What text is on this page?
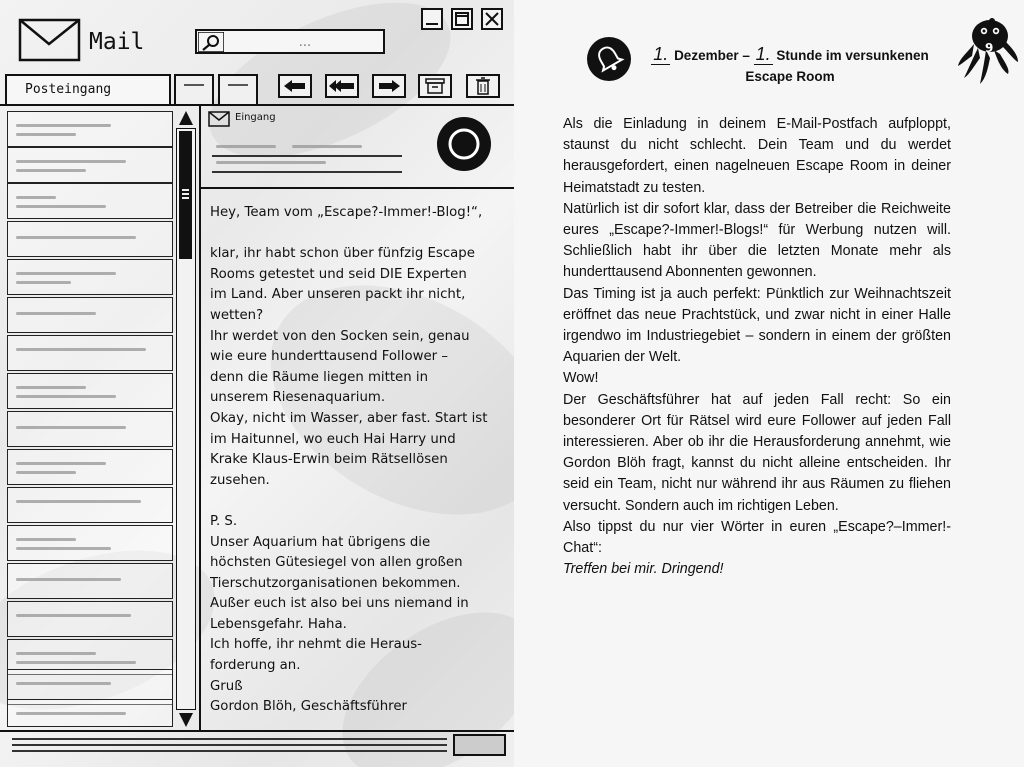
Mail
...
Posteingang
Eingang
Hey, Team vom „Escape?-Immer!-Blog!“,
klar, ihr habt schon über fünfzig Escape
Rooms getestet und seid DIE Experten
im Land. Aber unseren packt ihr nicht,
wetten?
Ihr werdet von den Socken sein, genau
wie eure hunderttausend Follower –
denn die Räume liegen mitten in
unserem Riesenaquarium.
Okay, nicht im Wasser, aber fast. Start ist
im Haitunnel, wo euch Hai Harry und
Krake Klaus-Erwin beim Rätsellösen
zusehen.
P. S.
Unser Aquarium hat übrigens die
höchsten Gütesiegel von allen großen
Tierschutzorganisationen bekommen.
Außer euch ist also bei uns niemand in
Lebensgefahr. Haha.
Ich hoffe, ihr nehmt die Heraus-
forderung an.
Gruß
Gordon Blöh, Geschäftsführer
1. Dezember – 1. Stunde im versunkenen
Escape Room
9

Als die Einladung in deinem E-Mail-Postfach aufploppt, staunst du nicht schlecht. Dein Team und du werdet herausgefordert, einen nagelneuen Escape Room in deiner Heimatstadt zu testen.

Natürlich ist dir sofort klar, dass der Betreiber die Reichweite eures „Escape?-Immer!-Blogs!“ für Werbung nutzen will. Schließlich habt ihr über die letzten Monate mehr als hunderttausend Abonnenten gewonnen.

Das Timing ist ja auch perfekt: Pünktlich zur Weihnachtszeit eröffnet das neue Prachtstück, und zwar nicht in einer Halle irgendwo im Industriegebiet – sondern in einem der größten Aquarien der Welt.

Wow!

Der Geschäftsführer hat auf jeden Fall recht: So ein besonderer Ort für Rätsel wird eure Follower auf jeden Fall interessieren. Aber ob ihr die Herausforderung annehmt, wie Gordon Blöh fragt, kannst du nicht alleine entscheiden. Ihr seid ein Team, nicht nur während ihr aus Räumen zu fliehen versucht. Sondern auch im richtigen Leben.

Also tippst du nur vier Wörter in euren „Escape?–Immer!-Chat“:

Treffen bei mir. Dringend!
